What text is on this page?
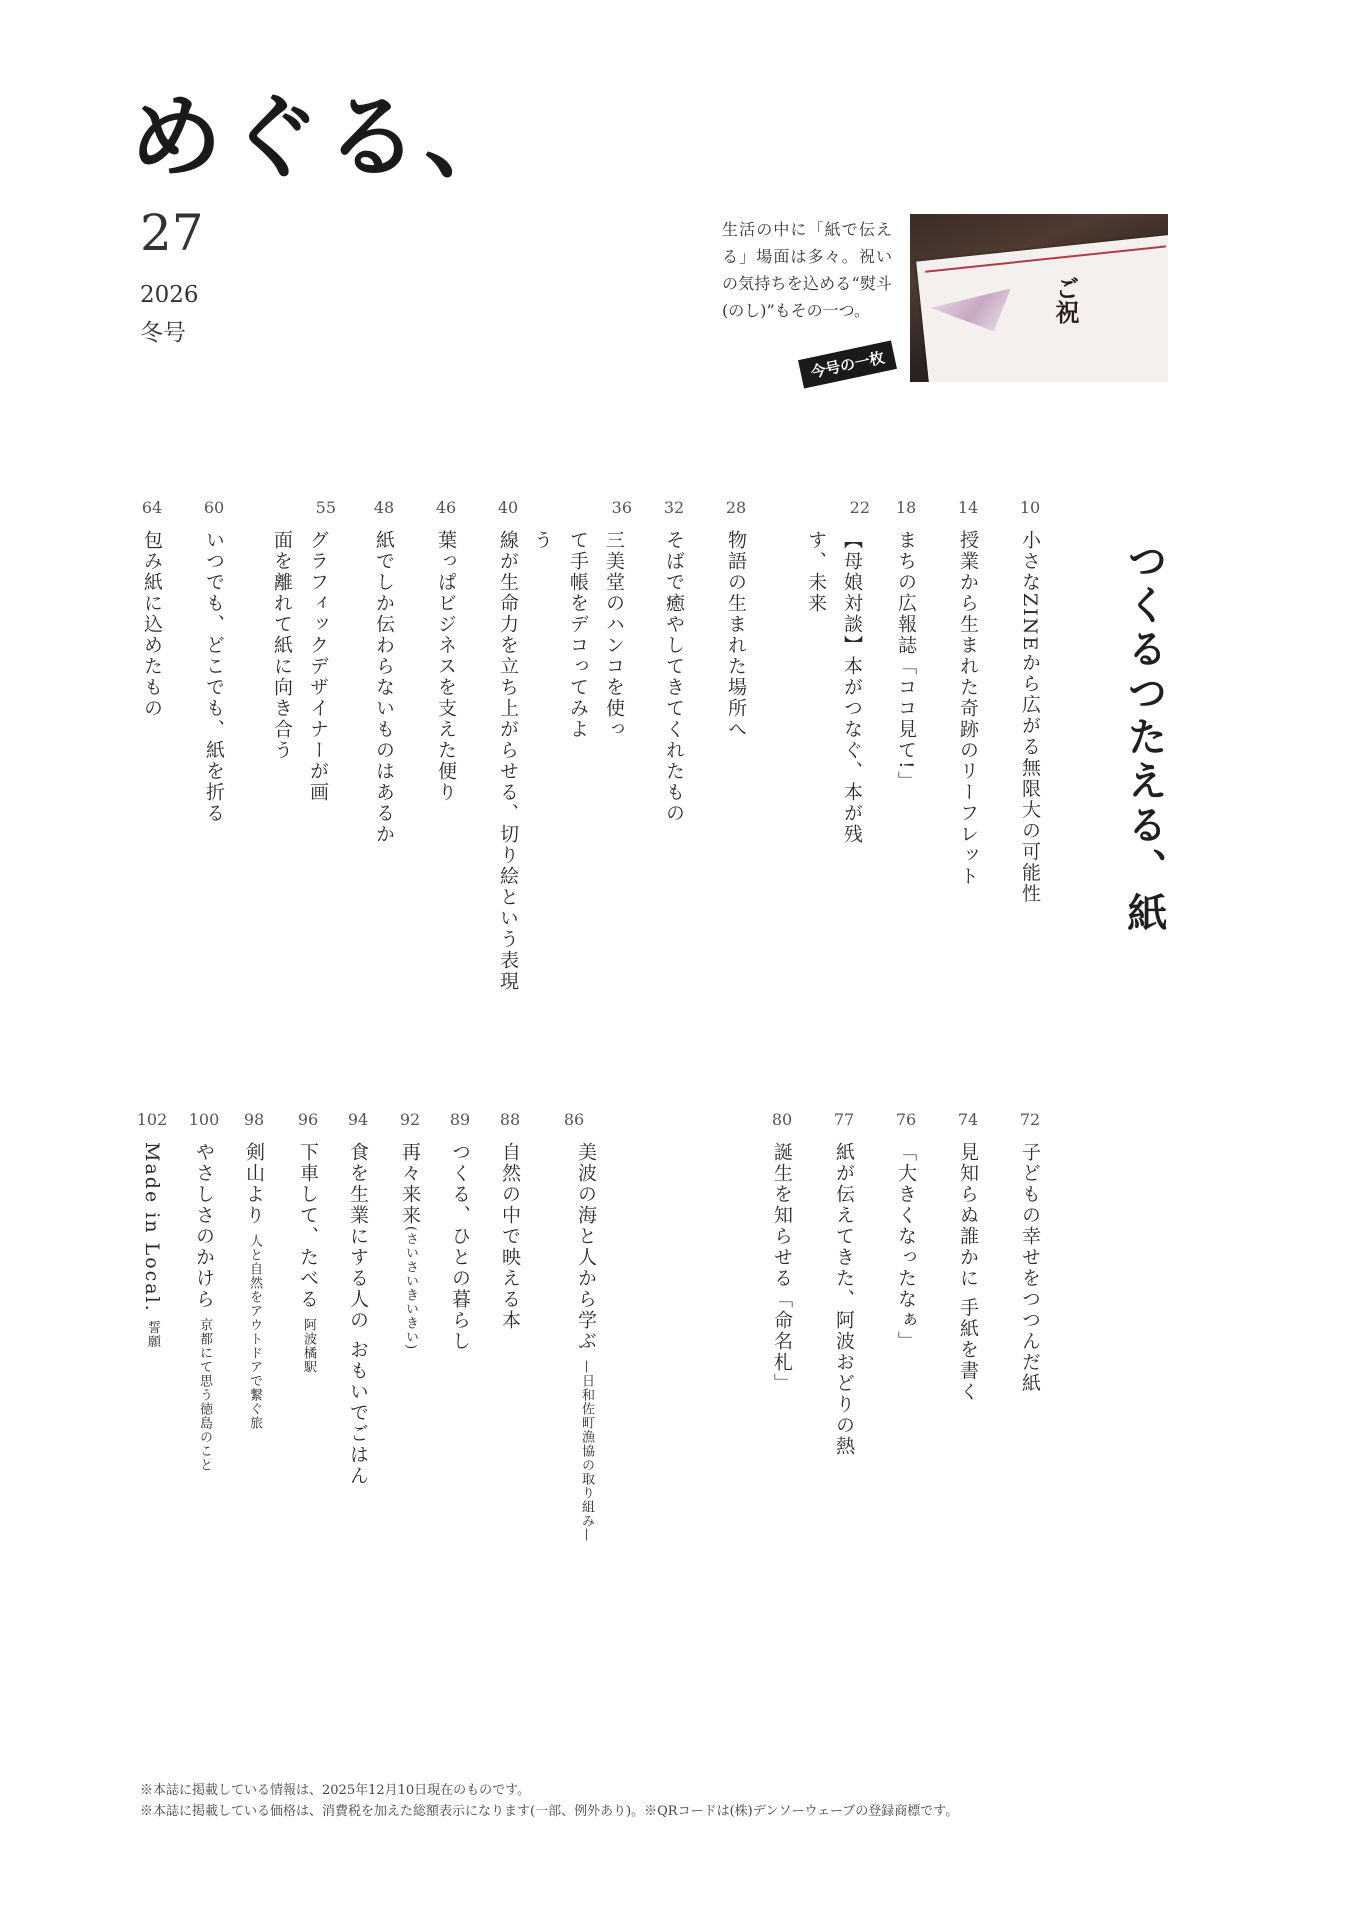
めぐる、
27
2026
冬号
生活の中に「紙で伝える」場面は多々。祝いの気持ちを込める“熨斗(のし)”もその一つ。	ご祝
今号の一枚
つくるつたえる、紙
10
小さなZINEから広がる無限大の可能性
14
授業から生まれた奇跡のリーフレット
18
まちの広報誌「ココ見て!」
22
【母娘対談】本がつなぐ、本が残す、未来
28
物語の生まれた場所へ
32
そばで癒やしてきてくれたもの
36
三美堂のハンコを使って手帳をデコってみよう
40
線が生命力を立ち上がらせる、切り絵という表現
46
葉っぱビジネスを支えた便り
48
紙でしか伝わらないものはあるか
55
グラフィックデザイナーが画面を離れて紙に向き合う
60
いつでも、どこでも、紙を折る
64
包み紙に込めたもの
72
子どもの幸せをつつんだ紙
74
見知らぬ誰かに 手紙を書く
76
「大きくなったなぁ」
77
紙が伝えてきた、阿波おどりの熱
80
誕生を知らせる「命名札」
86
美波の海と人から学ぶ —日和佐町漁協の取り組み—
88
自然の中で映える本
89
つくる、ひとの暮らし
92
再々来来(さいさいきいきい)
94
食を生業にする人の おもいでごはん
96
下車して、たべる 阿波橘駅
98
剣山より 人と自然をアウトドアで繋ぐ旅
100
やさしさのかけら 京都にて思う徳島のこと
102
Made in Local. 誓願
※本誌に掲載している情報は、2025年12月10日現在のものです。
※本誌に掲載している価格は、消費税を加えた総額表示になります(一部、例外あり)。※QRコードは(株)デンソーウェーブの登録商標です。
